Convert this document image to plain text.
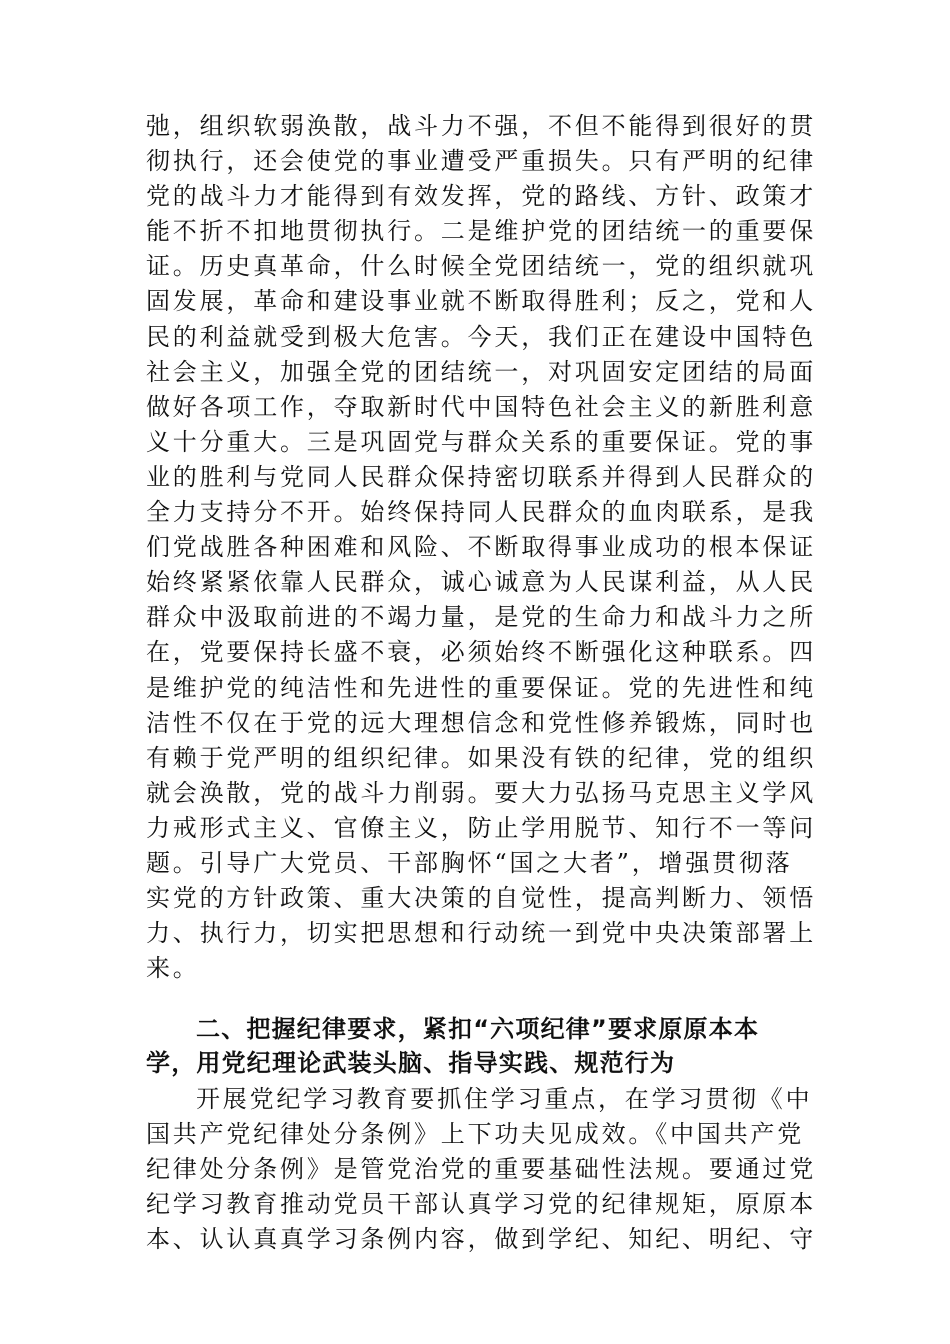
弛，组织软弱涣散，战斗力不强，不但不能得到很好的贯
彻执行，还会使党的事业遭受严重损失。只有严明的纪律
党的战斗力才能得到有效发挥，党的路线、方针、政策才
能不折不扣地贯彻执行。二是维护党的团结统一的重要保
证。历史真革命，什么时候全党团结统一，党的组织就巩
固发展，革命和建设事业就不断取得胜利；反之，党和人
民的利益就受到极大危害。今天，我们正在建设中国特色
社会主义，加强全党的团结统一，对巩固安定团结的局面
做好各项工作，夺取新时代中国特色社会主义的新胜利意
义十分重大。三是巩固党与群众关系的重要保证。党的事
业的胜利与党同人民群众保持密切联系并得到人民群众的
全力支持分不开。始终保持同人民群众的血肉联系，是我
们党战胜各种困难和风险、不断取得事业成功的根本保证
始终紧紧依靠人民群众，诚心诚意为人民谋利益，从人民
群众中汲取前进的不竭力量，是党的生命力和战斗力之所
在，党要保持长盛不衰，必须始终不断强化这种联系。四
是维护党的纯洁性和先进性的重要保证。党的先进性和纯
洁性不仅在于党的远大理想信念和党性修养锻炼，同时也
有赖于党严明的组织纪律。如果没有铁的纪律，党的组织
就会涣散，党的战斗力削弱。要大力弘扬马克思主义学风
力戒形式主义、官僚主义，防止学用脱节、知行不一等问
题。引导广大党员、干部胸怀“国之大者”，增强贯彻落
实党的方针政策、重大决策的自觉性，提高判断力、领悟
力、执行力，切实把思想和行动统一到党中央决策部署上
来。
二、把握纪律要求，紧扣“六项纪律”要求原原本本
学，用党纪理论武装头脑、指导实践、规范行为
开展党纪学习教育要抓住学习重点，在学习贯彻《中
国共产党纪律处分条例》上下功夫见成效。《中国共产党
纪律处分条例》是管党治党的重要基础性法规。要通过党
纪学习教育推动党员干部认真学习党的纪律规矩，原原本
本、认认真真学习条例内容，做到学纪、知纪、明纪、守
